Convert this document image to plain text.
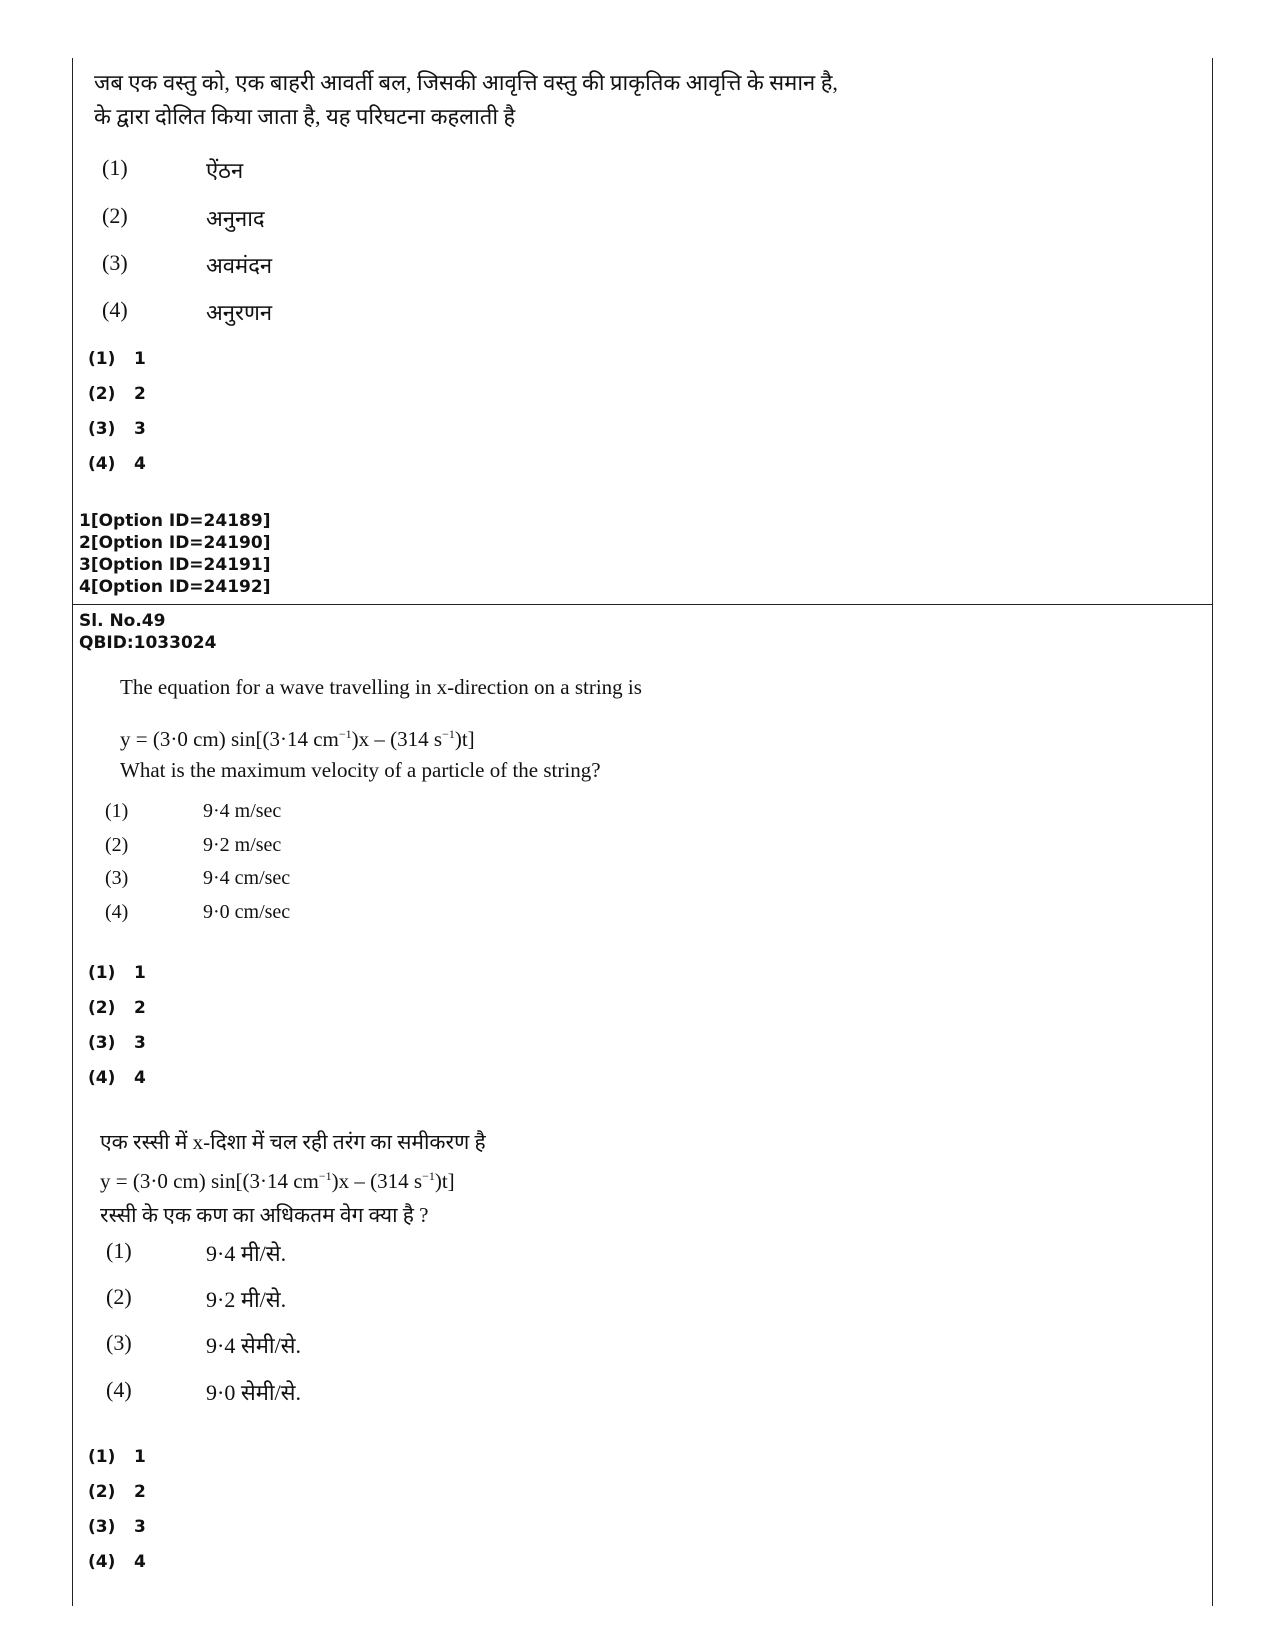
जब एक वस्तु को, एक बाहरी आवर्ती बल, जिसकी आवृत्ति वस्तु की प्राकृतिक आवृत्ति के समान है,
के द्वारा दोलित किया जाता है, यह परिघटना कहलाती है
(1)	ऐंठन
(2)	अनुनाद
(3)	अवमंदन
(4)	अनुरणन
(1) 1
(2) 2
(3) 3
(4) 4
1[Option ID=24189]
2[Option ID=24190]
3[Option ID=24191]
4[Option ID=24192]
Sl. No.49
QBID:1033024
The equation for a wave travelling in x-direction on a string is
y = (3·0 cm) sin[(3·14 $cm^{-1})x - (314$ $s^{-1})t$]
What is the maximum velocity of a particle of the string?
(1)	9·4 m/sec
(2)	9·2 m/sec
(3)	9·4 cm/sec
(4)	9·0 cm/sec
(1) 1
(2) 2
(3) 3
(4) 4
एक रस्सी में x-दिशा में चल रही तरंग का समीकरण है
y = (3·0 cm) sin[(3·14 $cm^{-1})x - (314$ $s^{-1})t$]
रस्सी के एक कण का अधिकतम वेग क्या है ?
(1)	9·4 मी/से.
(2)	9·2 मी/से.
(3)	9·4 सेमी/से.
(4)	9·0 सेमी/से.
(1) 1
(2) 2
(3) 3
(4) 4
